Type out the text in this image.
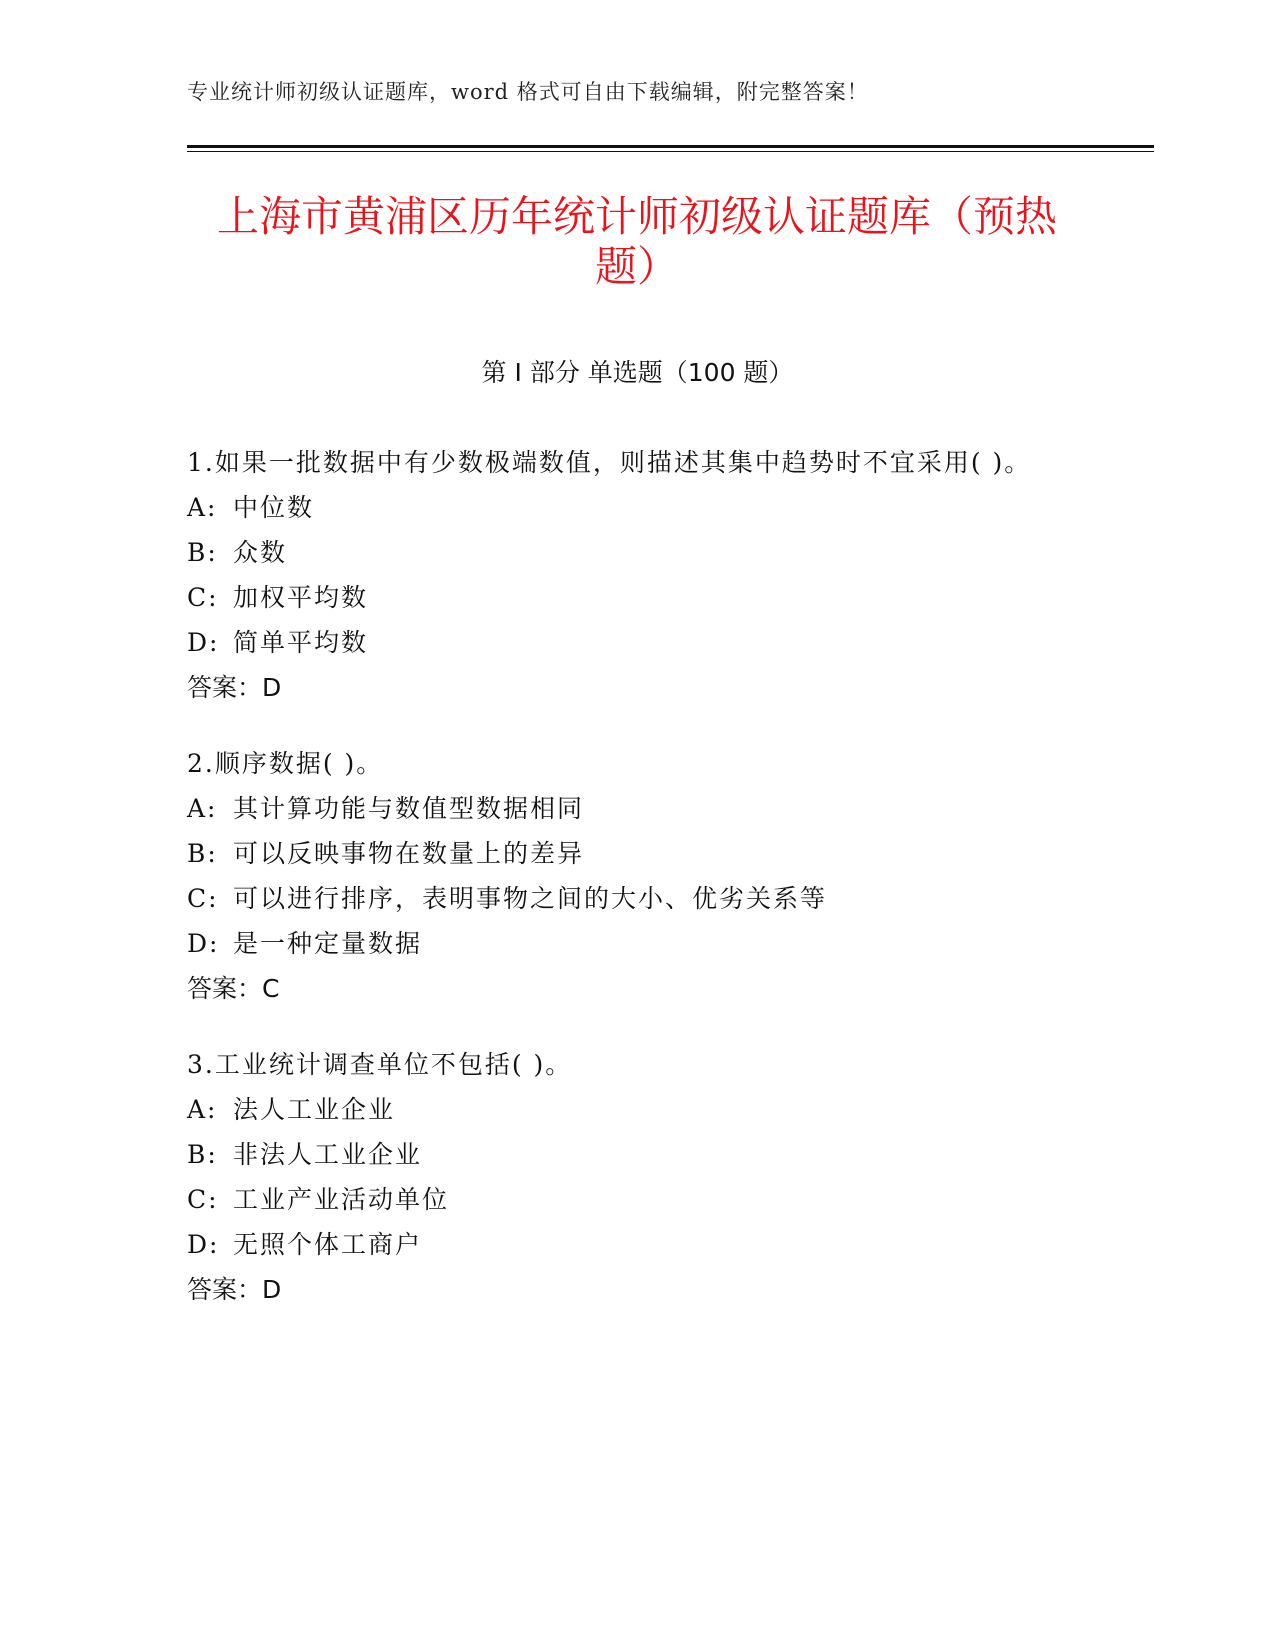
专业统计师初级认证题库，word 格式可自由下载编辑，附完整答案！
上海市黄浦区历年统计师初级认证题库（预热题）
第 I 部分 单选题（100 题）
1.如果一批数据中有少数极端数值，则描述其集中趋势时不宜采用( )。
A: 中位数
B: 众数
C: 加权平均数
D: 简单平均数
答案：D
2.顺序数据( )。
A: 其计算功能与数值型数据相同
B: 可以反映事物在数量上的差异
C: 可以进行排序，表明事物之间的大小、优劣关系等
D: 是一种定量数据
答案：C
3.工业统计调查单位不包括( )。
A: 法人工业企业
B: 非法人工业企业
C: 工业产业活动单位
D: 无照个体工商户
答案：D
